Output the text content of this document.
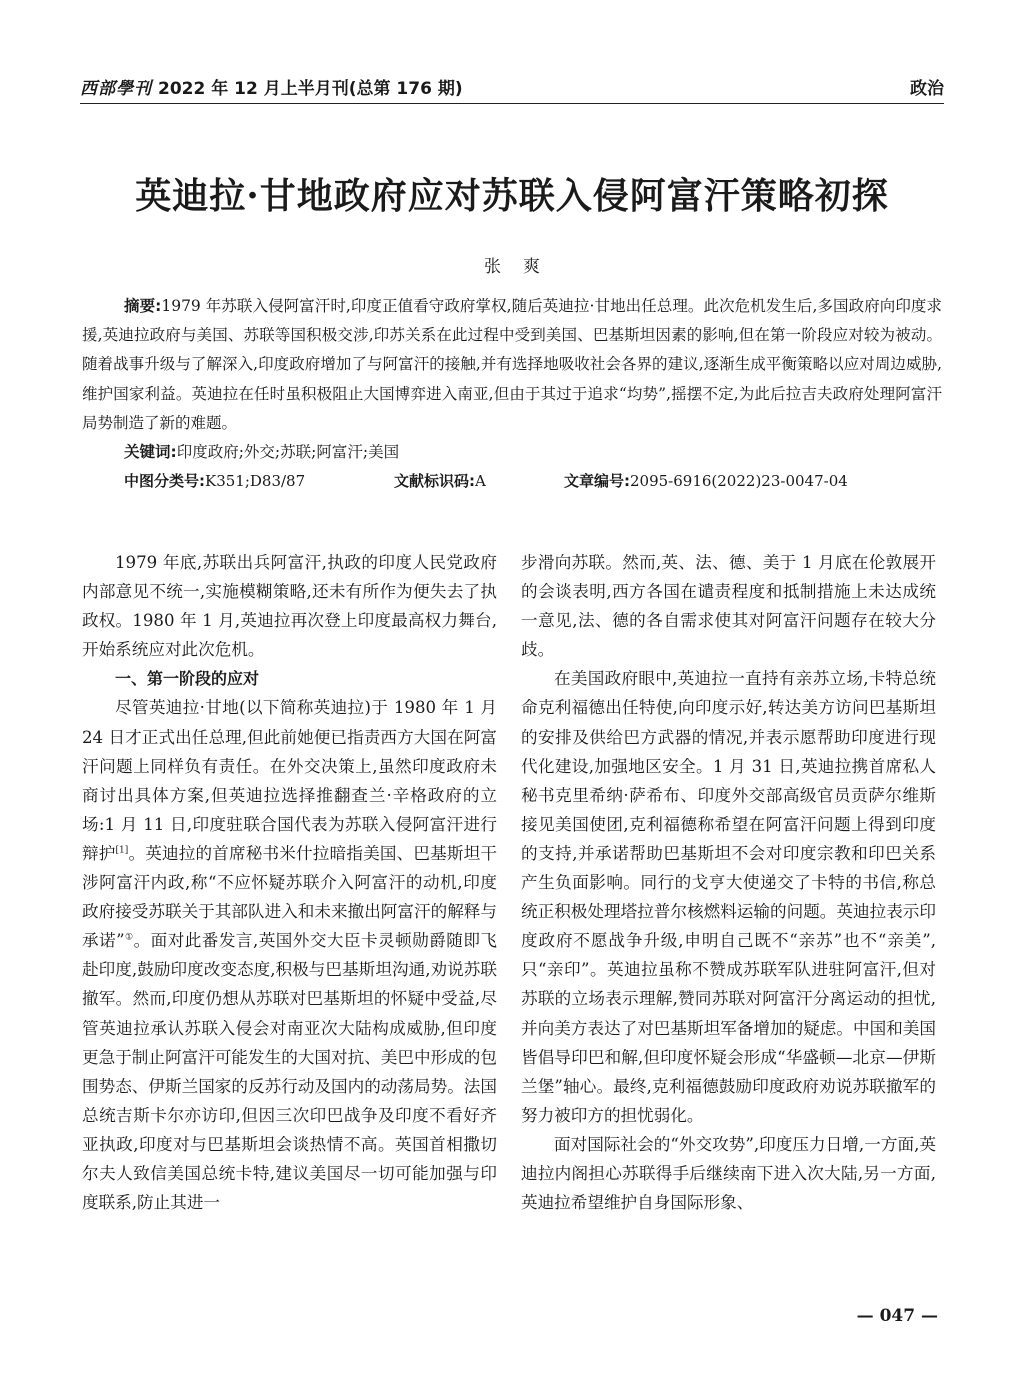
西部學刊 2022 年 12 月上半月刊(总第 176 期)	政治
英迪拉·甘地政府应对苏联入侵阿富汗策略初探
张爽

摘要:1979 年苏联入侵阿富汗时,印度正值看守政府掌权,随后英迪拉·甘地出任总理。此次危机发生后,多国政府向印度求援,英迪拉政府与美国、苏联等国积极交涉,印苏关系在此过程中受到美国、巴基斯坦因素的影响,但在第一阶段应对较为被动。随着战事升级与了解深入,印度政府增加了与阿富汗的接触,并有选择地吸收社会各界的建议,逐渐生成平衡策略以应对周边威胁,维护国家利益。英迪拉在任时虽积极阻止大国博弈进入南亚,但由于其过于追求“均势”,摇摆不定,为此后拉吉夫政府处理阿富汗局势制造了新的难题。

关键词:印度政府;外交;苏联;阿富汗;美国

中图分类号:K351;D83/87	文献标识码:A	文章编号:2095-6916(2022)23-0047-04

1979 年底,苏联出兵阿富汗,执政的印度人民党政府内部意见不统一,实施模糊策略,还未有所作为便失去了执政权。1980 年 1 月,英迪拉再次登上印度最高权力舞台,开始系统应对此次危机。

一、第一阶段的应对

尽管英迪拉·甘地(以下简称英迪拉)于 1980 年 1 月 24 日才正式出任总理,但此前她便已指责西方大国在阿富汗问题上同样负有责任。在外交决策上,虽然印度政府未商讨出具体方案,但英迪拉选择推翻查兰·辛格政府的立场:1 月 11 日,印度驻联合国代表为苏联入侵阿富汗进行辩护[1]。英迪拉的首席秘书米什拉暗指美国、巴基斯坦干涉阿富汗内政,称“不应怀疑苏联介入阿富汗的动机,印度政府接受苏联关于其部队进入和未来撤出阿富汗的解释与承诺”①。面对此番发言,英国外交大臣卡灵顿勋爵随即飞赴印度,鼓励印度改变态度,积极与巴基斯坦沟通,劝说苏联撤军。然而,印度仍想从苏联对巴基斯坦的怀疑中受益,尽管英迪拉承认苏联入侵会对南亚次大陆构成威胁,但印度更急于制止阿富汗可能发生的大国对抗、美巴中形成的包围势态、伊斯兰国家的反苏行动及国内的动荡局势。法国总统吉斯卡尔亦访印,但因三次印巴战争及印度不看好齐亚执政,印度对与巴基斯坦会谈热情不高。英国首相撒切尔夫人致信美国总统卡特,建议美国尽一切可能加强与印度联系,防止其进一

步滑向苏联。然而,英、法、德、美于 1 月底在伦敦展开的会谈表明,西方各国在谴责程度和抵制措施上未达成统一意见,法、德的各自需求使其对阿富汗问题存在较大分歧。

在美国政府眼中,英迪拉一直持有亲苏立场,卡特总统命克利福德出任特使,向印度示好,转达美方访问巴基斯坦的安排及供给巴方武器的情况,并表示愿帮助印度进行现代化建设,加强地区安全。1 月 31 日,英迪拉携首席私人秘书克里希纳·萨希布、印度外交部高级官员贡萨尔维斯接见美国使团,克利福德称希望在阿富汗问题上得到印度的支持,并承诺帮助巴基斯坦不会对印度宗教和印巴关系产生负面影响。同行的戈亨大使递交了卡特的书信,称总统正积极处理塔拉普尔核燃料运输的问题。英迪拉表示印度政府不愿战争升级,申明自己既不“亲苏”也不“亲美”,只“亲印”。英迪拉虽称不赞成苏联军队进驻阿富汗,但对苏联的立场表示理解,赞同苏联对阿富汗分离运动的担忧,并向美方表达了对巴基斯坦军备增加的疑虑。中国和美国皆倡导印巴和解,但印度怀疑会形成“华盛顿—北京—伊斯兰堡”轴心。最终,克利福德鼓励印度政府劝说苏联撤军的努力被印方的担忧弱化。

面对国际社会的“外交攻势”,印度压力日增,一方面,英迪拉内阁担心苏联得手后继续南下进入次大陆,另一方面,英迪拉希望维护自身国际形象、

— 047 —
